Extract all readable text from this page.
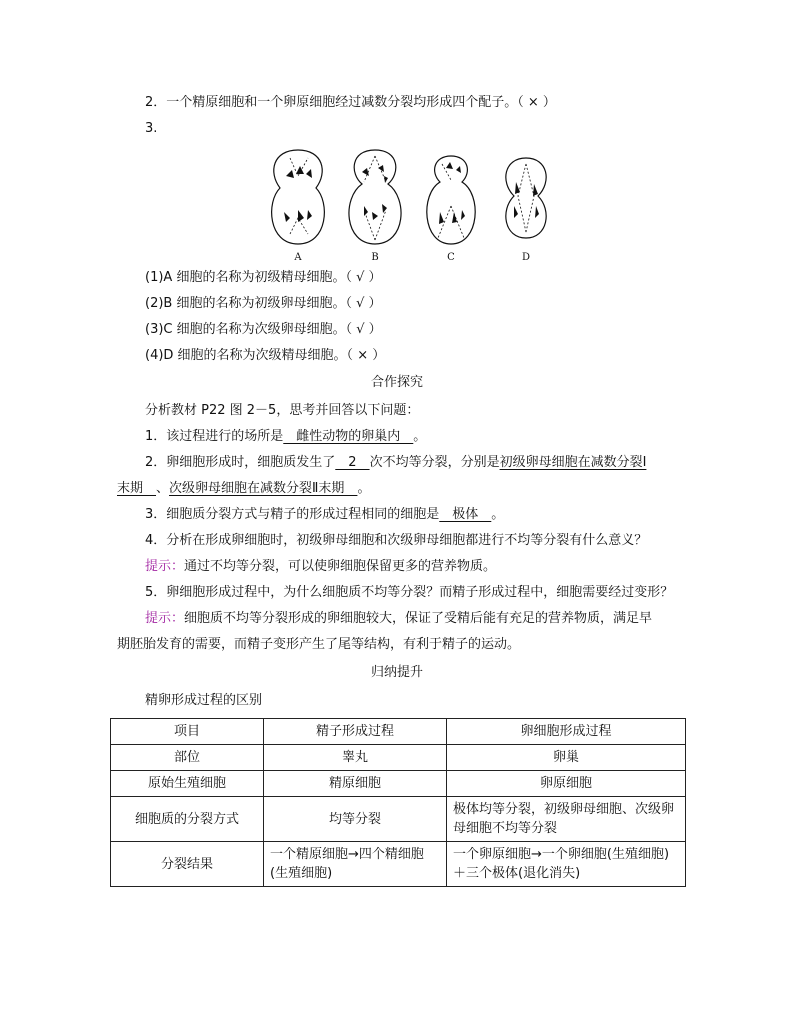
2．一个精原细胞和一个卵原细胞经过减数分裂均形成四个配子。（ × ）
3.
A	B	C	D
(1)A 细胞的名称为初级精母细胞。（ √ ）
(2)B 细胞的名称为初级卵母细胞。（ √ ）
(3)C 细胞的名称为次级卵母细胞。（ √ ）
(4)D 细胞的名称为次级精母细胞。（ × ）
合作探究
分析教材 P22 图 2－5，思考并回答以下问题：
1．该过程进行的场所是　雌性动物的卵巢内　。
2．卵细胞形成时，细胞质发生了　2　次不均等分裂，分别是初级卵母细胞在减数分裂Ⅰ
末期　、次级卵母细胞在减数分裂Ⅱ末期　。
3．细胞质分裂方式与精子的形成过程相同的细胞是　极体　。
4．分析在形成卵细胞时，初级卵母细胞和次级卵母细胞都进行不均等分裂有什么意义？
提示：通过不均等分裂，可以使卵细胞保留更多的营养物质。
5．卵细胞形成过程中，为什么细胞质不均等分裂？而精子形成过程中，细胞需要经过变形？
提示：细胞质不均等分裂形成的卵细胞较大，保证了受精后能有充足的营养物质，满足早
期胚胎发育的需要，而精子变形产生了尾等结构，有利于精子的运动。
归纳提升
精卵形成过程的区别
项目	精子形成过程	卵细胞形成过程
部位	睾丸	卵巢
原始生殖细胞	精原细胞	卵原细胞
细胞质的分裂方式	均等分裂	极体均等分裂，初级卵母细胞、次级卵母细胞不均等分裂
分裂结果	一个精原细胞→四个精细胞(生殖细胞)	一个卵原细胞→一个卵细胞(生殖细胞)＋三个极体(退化消失)
